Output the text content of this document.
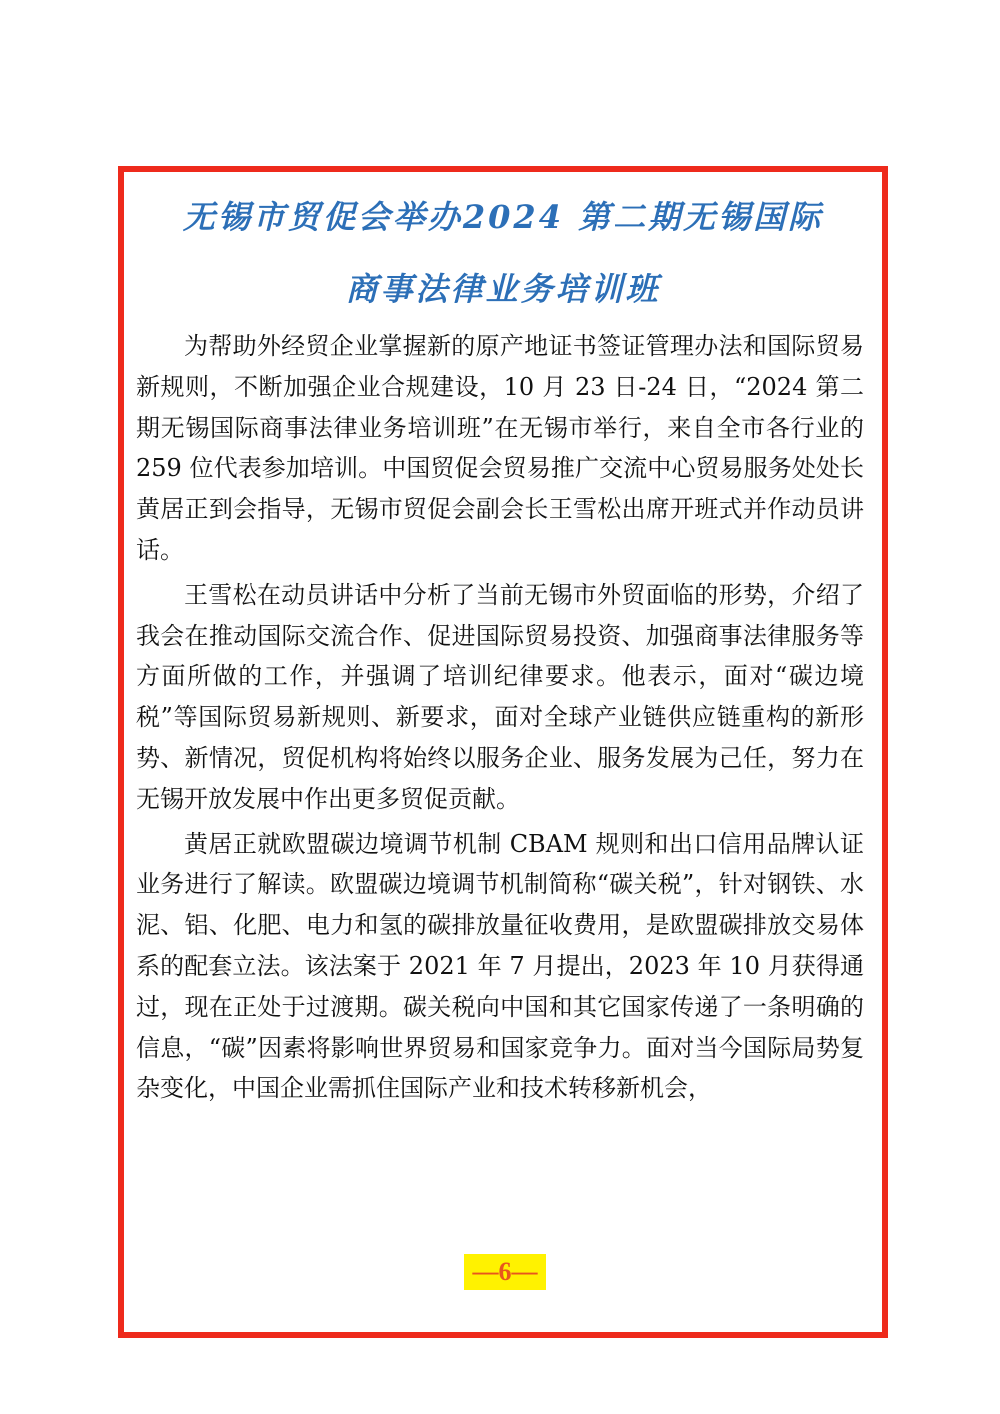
无锡市贸促会举办2024 第二期无锡国际
商事法律业务培训班

为帮助外经贸企业掌握新的原产地证书签证管理办法和国际贸易新规则，不断加强企业合规建设，10 月 23 日-24 日，“2024 第二期无锡国际商事法律业务培训班”在无锡市举行，来自全市各行业的 259 位代表参加培训。中国贸促会贸易推广交流中心贸易服务处处长黄居正到会指导，无锡市贸促会副会长王雪松出席开班式并作动员讲话。

王雪松在动员讲话中分析了当前无锡市外贸面临的形势，介绍了我会在推动国际交流合作、促进国际贸易投资、加强商事法律服务等方面所做的工作，并强调了培训纪律要求。他表示，面对“碳边境税”等国际贸易新规则、新要求，面对全球产业链供应链重构的新形势、新情况，贸促机构将始终以服务企业、服务发展为己任，努力在无锡开放发展中作出更多贸促贡献。

黄居正就欧盟碳边境调节机制 CBAM 规则和出口信用品牌认证业务进行了解读。欧盟碳边境调节机制简称“碳关税”，针对钢铁、水泥、铝、化肥、电力和氢的碳排放量征收费用，是欧盟碳排放交易体系的配套立法。该法案于 2021 年 7 月提出，2023 年 10 月获得通过，现在正处于过渡期。碳关税向中国和其它国家传递了一条明确的信息，“碳”因素将影响世界贸易和国家竞争力。面对当今国际局势复杂变化，中国企业需抓住国际产业和技术转移新机会，

—6—
